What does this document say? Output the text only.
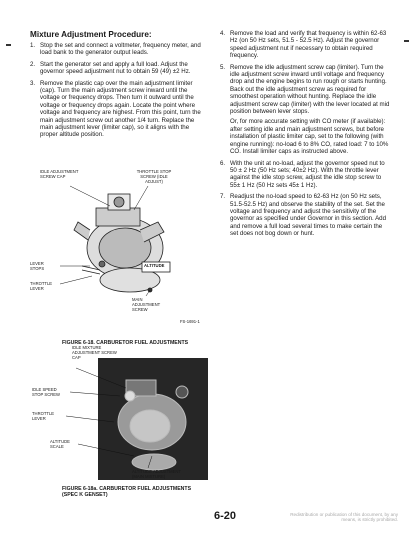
Mixture Adjustment Procedure:
1. Stop the set and connect a voltmeter, frequency meter, and load bank to the generator output leads.
2. Start the generator set and apply a full load. Adjust the governor speed adjustment nut to obtain 59 (49) ±2 Hz.
3. Remove the plastic cap over the main adjustment limiter (cap). Turn the main adjustment screw inward until the voltage or frequency drops. Then turn it outward until the voltage or frequency drops again. Locate the point where voltage and frequency are highest. From this point, turn the main adjustment screw out another 1/4 turn. Replace the main adjustment lever (limiter cap), so it aligns with the proper altitude position.
IDLE ADJUSTMENT SCREW CAP
THROTTLE STOP SCREW (IDLE ADJUST)
LEVER STOPS
THROTTLE LEVER
ALTITUDE
MAIN ADJUSTMENT SCREW
FS-1691-1
FIGURE 6-18. CARBURETOR FUEL ADJUSTMENTS
IDLE MIXTURE ADJUSTMENT SCREW CAP
IDLE SPEED STOP SCREW
THROTTLE LEVER
ALTITUDE SCALE
ALTITUDE ADJUSTMENT (MAIN MIXTURE)
FIGURE 6-18a. CARBURETOR FUEL ADJUSTMENTS (SPEC K GENSET)
4. Remove the load and verify that frequency is within 62-63 Hz (on 50 Hz sets, 51.5 - 52.5 Hz). Adjust the governor speed adjustment nut if necessary to obtain required frequency.
5. Remove the idle adjustment screw cap (limiter). Turn the idle adjustment screw inward until voltage and frequency drop and the engine begins to run rough or starts hunting. Back out the idle adjustment screw as required for smoothest operation without hunting. Replace the idle adjustment screw cap (limiter) with the lever located at mid position between lever stops.
Or, for more accurate setting with CO meter (if available): after setting idle and main adjustment screws, but before installation of plastic limiter cap, set to the following (with engine running): no-load 6 to 8% CO, rated load: 7 to 10% CO. Install limiter caps as instructed above.
6. With the unit at no-load, adjust the governor speed nut to 50 ± 2 Hz (50 Hz sets; 40±2 Hz). With the throttle lever against the idle stop screw, adjust the idle stop screw to 55± 1 Hz (50 Hz sets 45± 1 Hz).
7. Readjust the no-load speed to 62-63 Hz (on 50 Hz sets, 51.5-52.5 Hz) and observe the stability of the set. Set the voltage and frequency and adjust the sensitivity of the governor as specified under Governor in this section. Add and remove a full load several times to make certain the set does not bog down or hunt.
6-20	Redistribution or publication of this document, by any means, is strictly prohibited.
